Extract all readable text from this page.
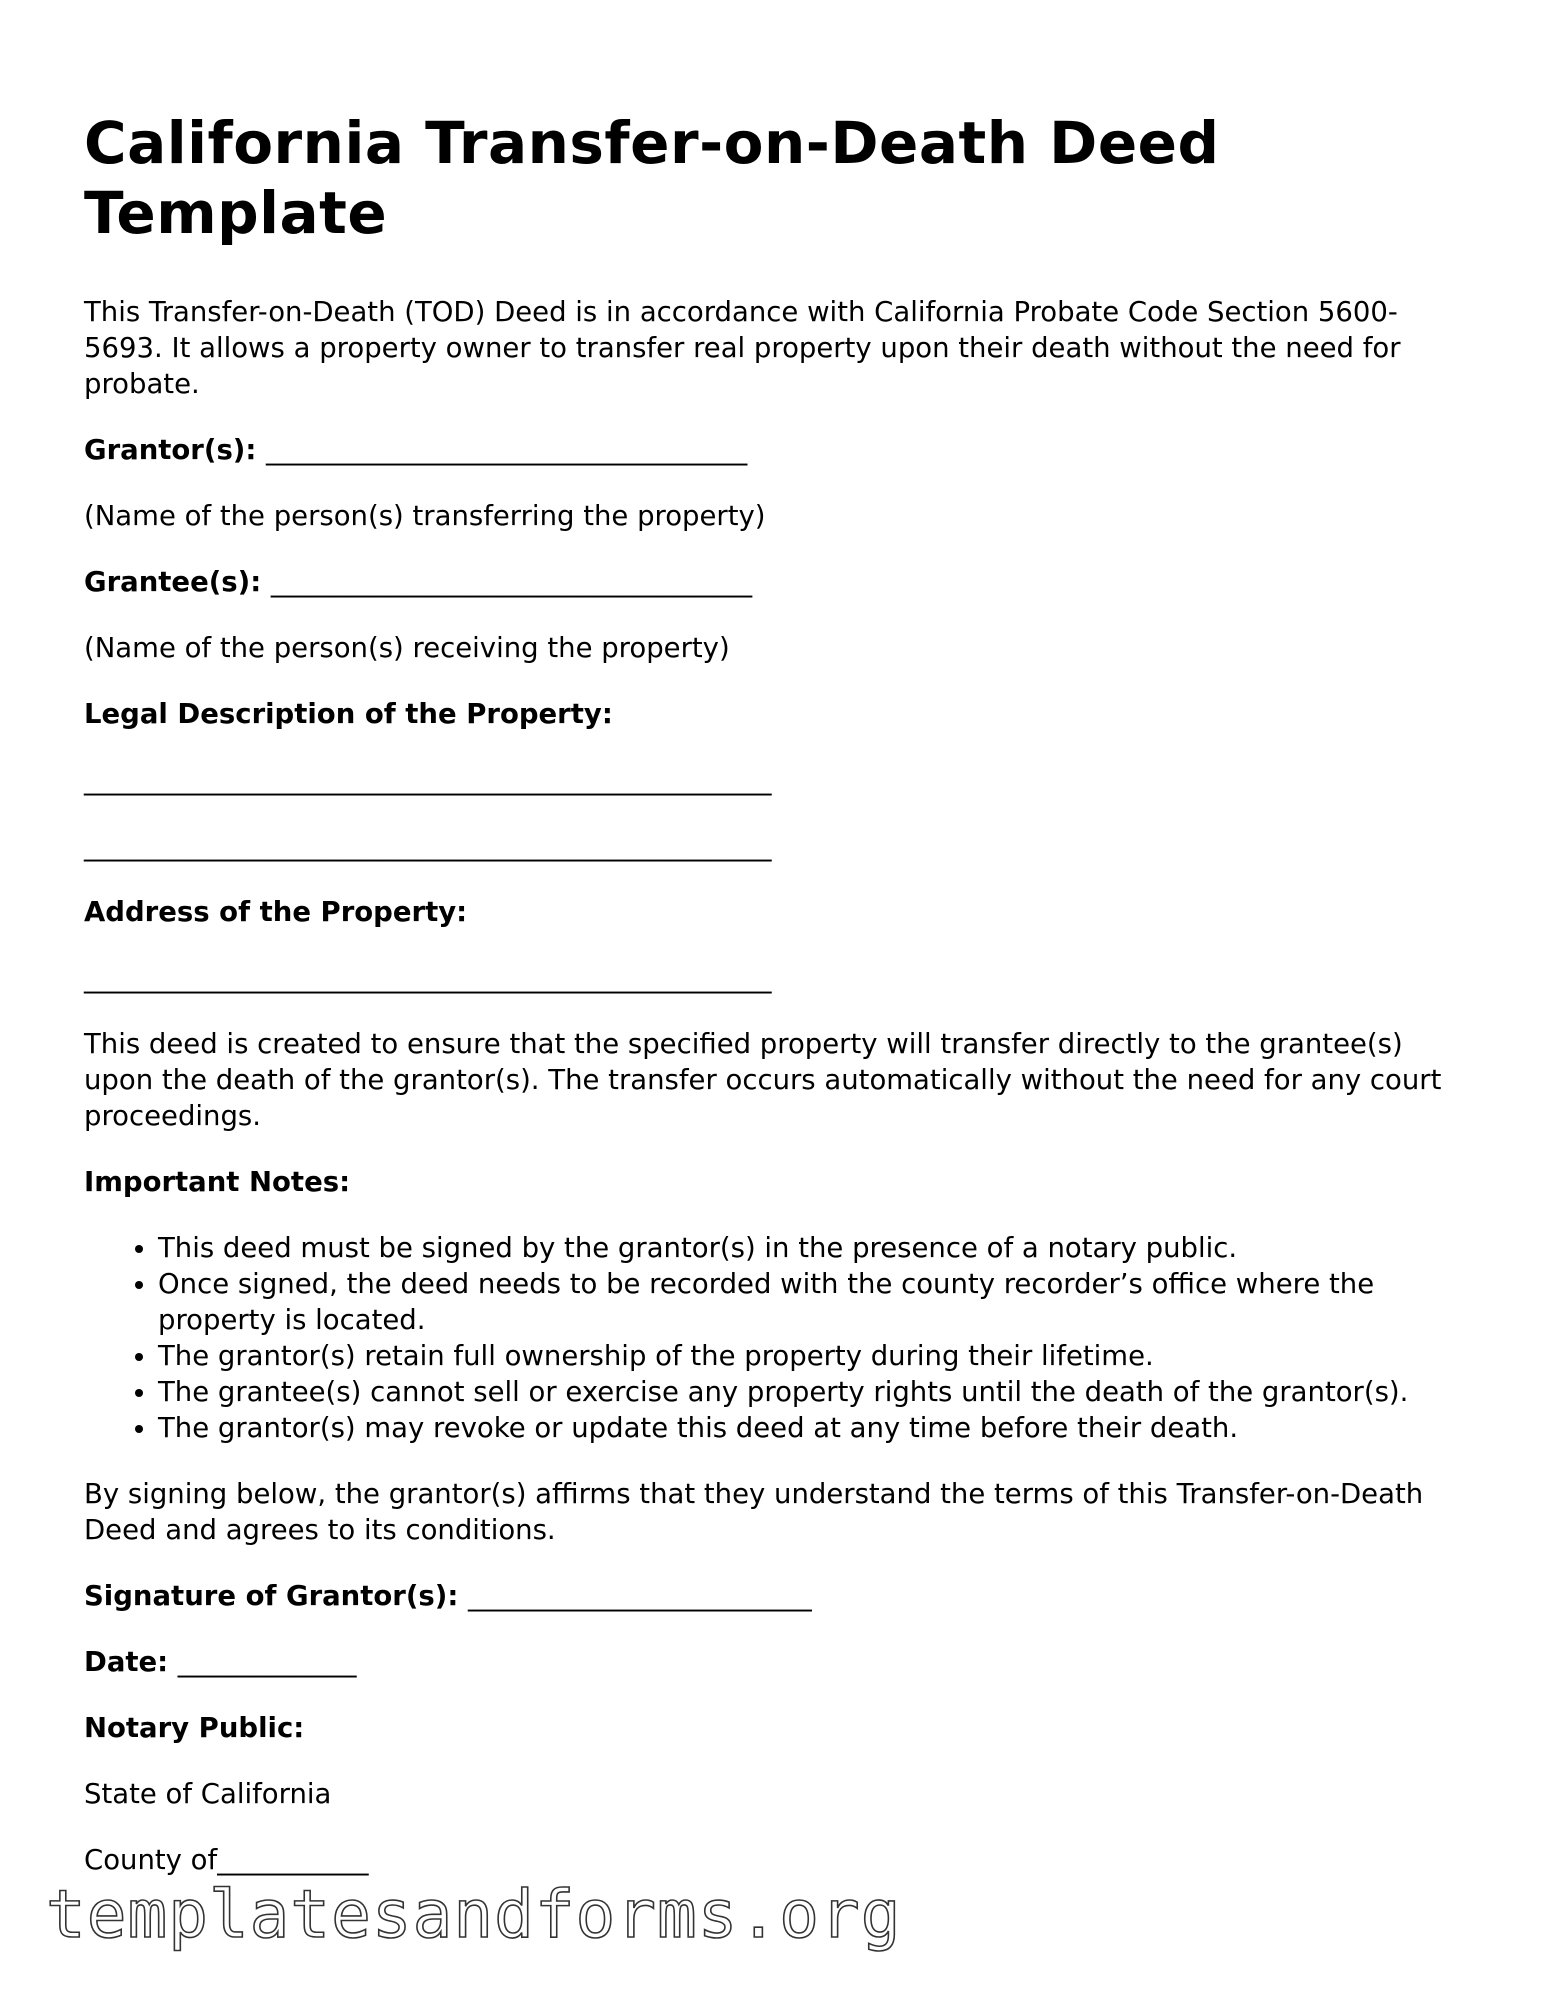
California Transfer-on-Death Deed Template

This Transfer-on-Death (TOD) Deed is in accordance with California Probate Code Section 5600-5693. It allows a property owner to transfer real property upon their death without the need for probate.

Grantor(s): ___________________________________

(Name of the person(s) transferring the property)

Grantee(s): ___________________________________

(Name of the person(s) receiving the property)

Legal Description of the Property:

__________________________________________________

__________________________________________________

Address of the Property:

__________________________________________________

This deed is created to ensure that the specified property will transfer directly to the grantee(s) upon the death of the grantor(s). The transfer occurs automatically without the need for any court proceedings.

Important Notes:

• This deed must be signed by the grantor(s) in the presence of a notary public.
• Once signed, the deed needs to be recorded with the county recorder’s office where the property is located.
• The grantor(s) retain full ownership of the property during their lifetime.
• The grantee(s) cannot sell or exercise any property rights until the death of the grantor(s).
• The grantor(s) may revoke or update this deed at any time before their death.

By signing below, the grantor(s) affirms that they understand the terms of this Transfer-on-Death Deed and agrees to its conditions.

Signature of Grantor(s): _________________________

Date: _____________

Notary Public:

State of California

County of___________

templatesandforms.org
